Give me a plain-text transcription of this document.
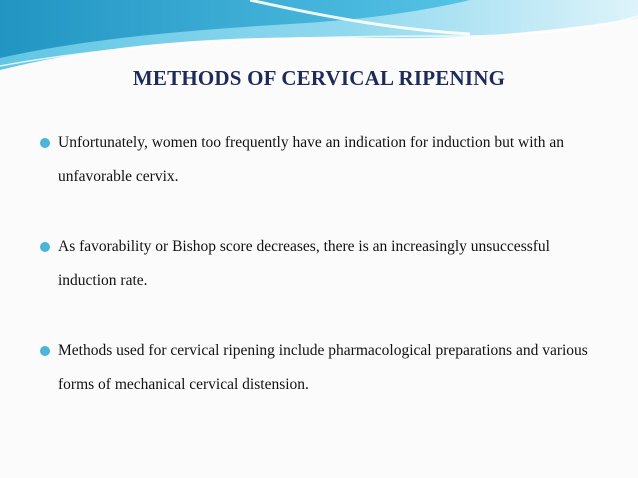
METHODS OF CERVICAL RIPENING
Unfortunately, women too frequently have an indication for induction but with an unfavorable cervix.
As favorability or Bishop score decreases, there is an increasingly unsuccessful induction rate.
Methods used for cervical ripening include pharmacological preparations and various forms of mechanical cervical distension.
